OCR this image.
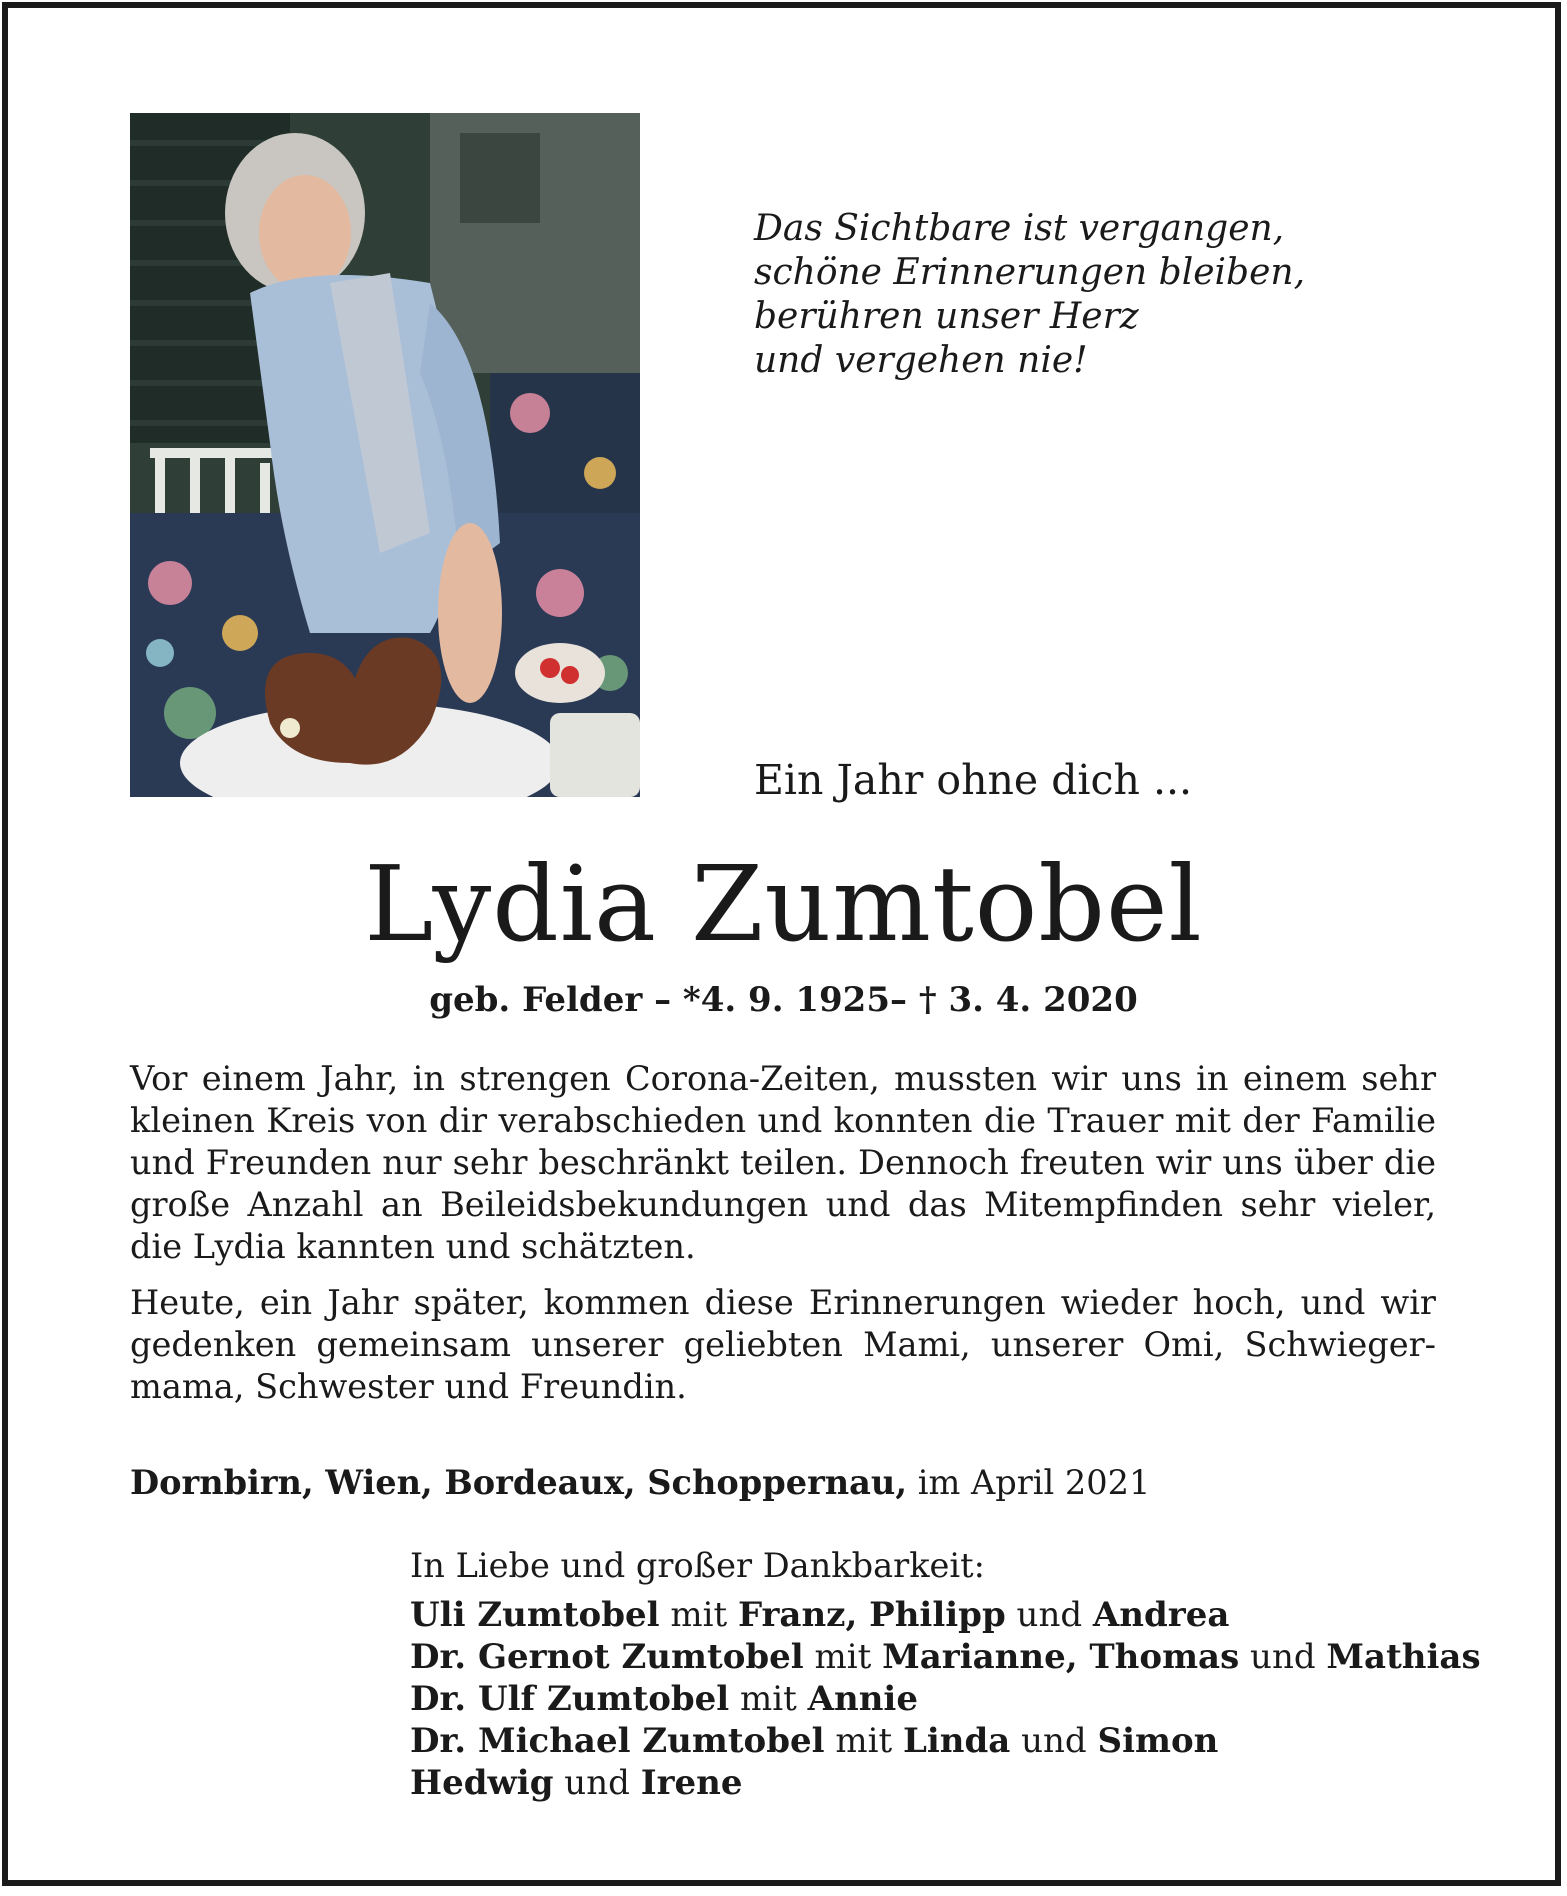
Das Sichtbare ist vergangen,
schöne Erinnerungen bleiben,
berühren unser Herz
und vergehen nie!
Ein Jahr ohne dich ...
Lydia Zumtobel
geb. Felder – *4. 9. 1925– † 3. 4. 2020

Vor einem Jahr, in strengen Corona-Zeiten, mussten wir uns in einem sehr kleinen Kreis von dir verabschieden und konnten die Trauer mit der Familie und Freunden nur sehr beschränkt teilen. Dennoch freuten wir uns über die große Anzahl an Beileidsbekundungen und das Mitempfinden sehr vieler, die Lydia kannten und schätzten.

Heute, ein Jahr später, kommen diese Erinnerungen wieder hoch, und wir gedenken gemeinsam unserer geliebten Mami, unserer Omi, Schwieger-mama, Schwester und Freundin.

Dornbirn, Wien, Bordeaux, Schoppernau, im April 2021
In Liebe und großer Dankbarkeit:
Uli Zumtobel mit Franz, Philipp und Andrea
Dr. Gernot Zumtobel mit Marianne, Thomas und Mathias
Dr. Ulf Zumtobel mit Annie
Dr. Michael Zumtobel mit Linda und Simon
Hedwig und Irene
